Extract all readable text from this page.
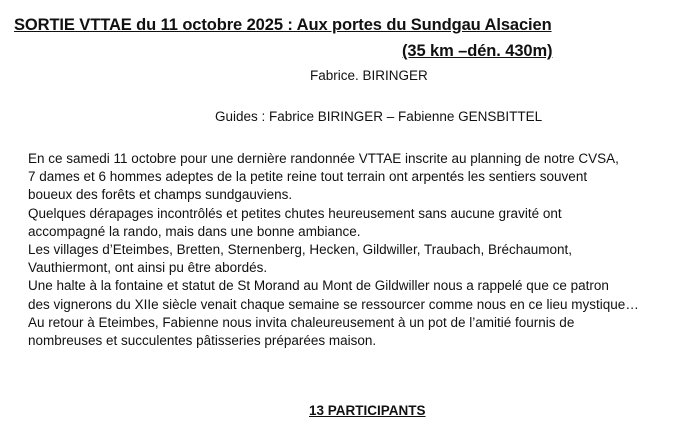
SORTIE VTTAE du 11 octobre 2025 : Aux portes du Sundgau Alsacien
(35 km –dén. 430m)
Fabrice. BIRINGER
Guides : Fabrice BIRINGER – Fabienne GENSBITTEL
En ce samedi 11 octobre pour une dernière randonnée VTTAE inscrite au planning de notre CVSA,
7 dames et 6 hommes adeptes de la petite reine tout terrain ont arpentés les sentiers souvent
boueux des forêts et champs sundgauviens.
Quelques dérapages incontrôlés et petites chutes heureusement sans aucune gravité ont
accompagné la rando, mais dans une bonne ambiance.
Les villages d’Eteimbes, Bretten, Sternenberg, Hecken, Gildwiller, Traubach, Bréchaumont,
Vauthiermont, ont ainsi pu être abordés.
Une halte à la fontaine et statut de St Morand au Mont de Gildwiller nous a rappelé que ce patron
des vignerons du XIIe siècle venait chaque semaine se ressourcer comme nous en ce lieu mystique…
Au retour à Eteimbes, Fabienne nous invita chaleureusement à un pot de l’amitié fournis de
nombreuses et succulentes pâtisseries préparées maison.
13 PARTICIPANTS
